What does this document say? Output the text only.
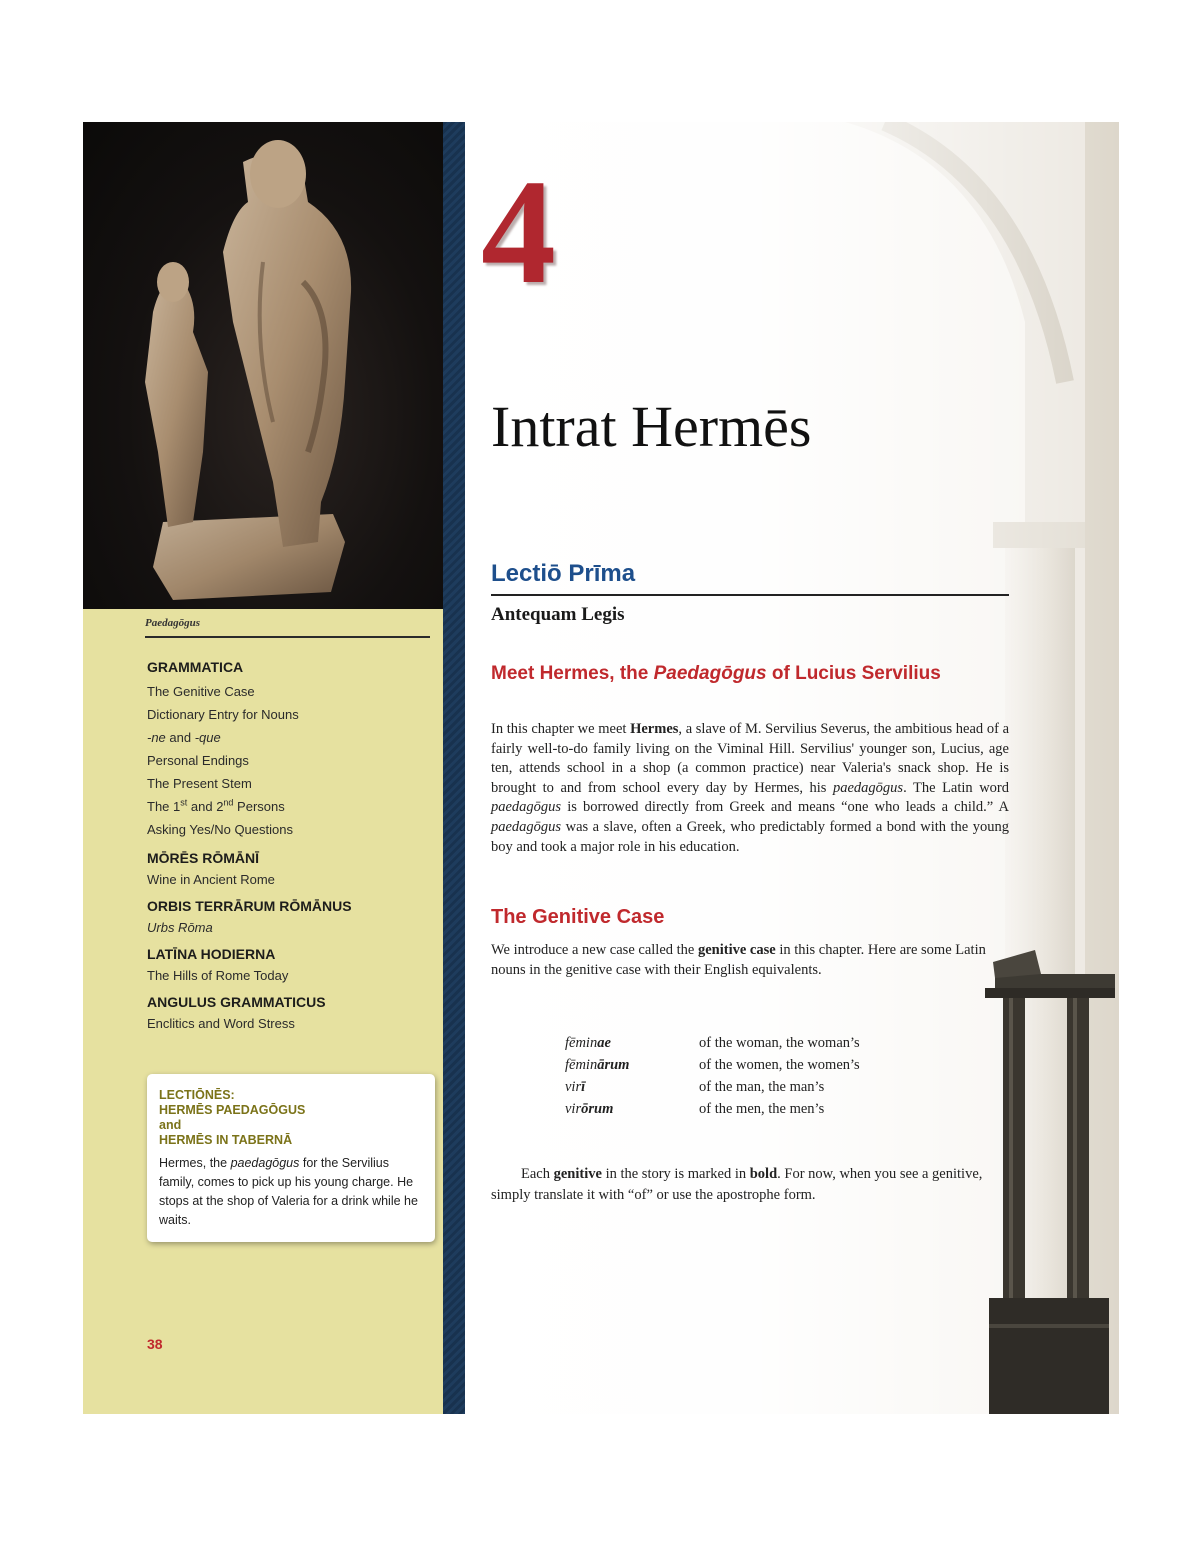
Paedagōgus
GRAMMATICA
The Genitive Case
Dictionary Entry for Nouns
-ne and -que
Personal Endings
The Present Stem
The 1st and 2nd Persons
Asking Yes/No Questions
MŌRĒS RŌMĀNĪ
Wine in Ancient Rome
ORBIS TERRĀRUM RŌMĀNUS
Urbs Rōma
LATĪNA HODIERNA
The Hills of Rome Today
ANGULUS GRAMMATICUS
Enclitics and Word Stress
LECTIŌNĒS:
HERMĒS PAEDAGŌGUS
and
HERMĒS IN TABERNĀ
Hermes, the paedagōgus for the Servilius family, comes to pick up his young charge. He stops at the shop of Valeria for a drink while he waits.
38
4
Intrat Hermēs
Lectiō Prīma
Antequam Legis
Meet Hermes, the Paedagōgus of Lucius Servilius
In this chapter we meet Hermes, a slave of M. Servilius Severus, the ambitious head of a fairly well-to-do family living on the Viminal Hill. Servilius' younger son, Lucius, age ten, attends school in a shop (a common practice) near Valeria's snack shop. He is brought to and from school every day by Hermes, his paedagōgus. The Latin word paedagōgus is borrowed directly from Greek and means “one who leads a child.” A paedagōgus was a slave, often a Greek, who predictably formed a bond with the young boy and took a major role in his education.
The Genitive Case
We introduce a new case called the genitive case in this chapter. Here are some Latin nouns in the genitive case with their English equivalents.
fēminae	of the woman, the woman’s
fēminārum	of the women, the women’s
virī	of the man, the man’s
virōrum	of the men, the men’s
Each genitive in the story is marked in bold. For now, when you see a genitive, simply translate it with “of” or use the apostrophe form.
